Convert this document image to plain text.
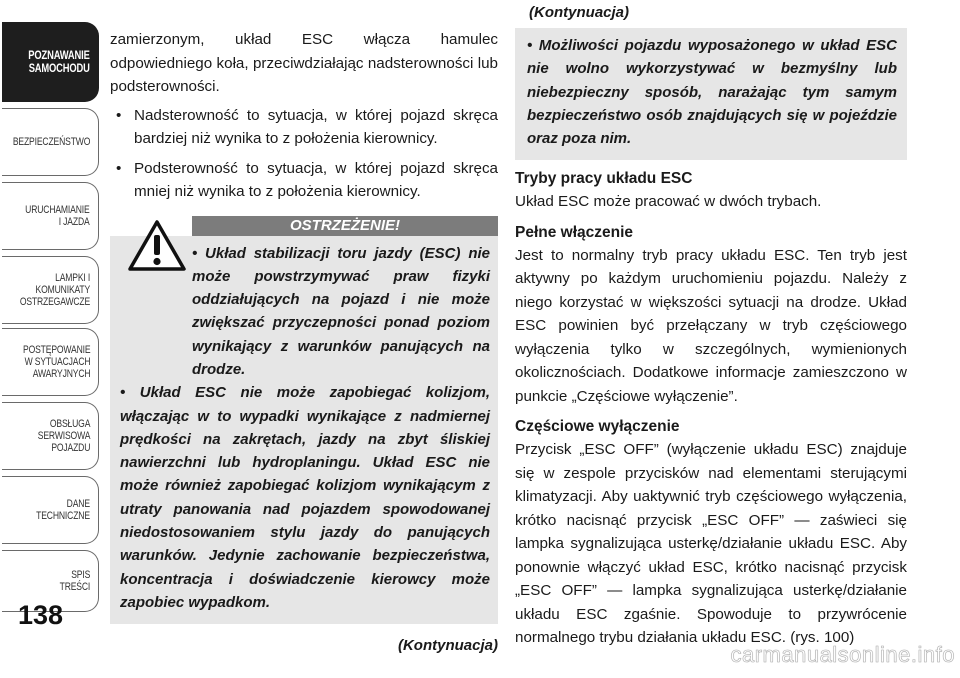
POZNAWANIE
SAMOCHODU
BEZPIECZEŃSTWO
URUCHAMIANIE
I JAZDA
LAMPKI I
KOMUNIKATY
OSTRZEGAWCZE
POSTĘPOWANIE
W SYTUACJACH
AWARYJNYCH
OBSŁUGA
SERWISOWA
POJAZDU
DANE
TECHNICZNE
SPIS
TREŚCI
138

zamierzonym, układ ESC włącza hamulec odpowiedniego koła, przeciwdziałając nadsterowności lub podsterowności.

• Nadsterowność to sytuacja, w której pojazd skręca bardziej niż wynika to z położenia kierownicy.
• Podsterowność to sytuacja, w której pojazd skręca mniej niż wynika to z położenia kierownicy.
OSTRZEŻENIE!

• Układ stabilizacji toru jazdy (ESC) nie może powstrzymywać praw fizyki oddziałujących na pojazd i nie może zwiększać przyczepności ponad poziom wynikający z warunków panujących na drodze.

• Układ ESC nie może zapobiegać kolizjom, włączając w to wypadki wynikające z nadmiernej prędkości na zakrętach, jazdy na zbyt śliskiej nawierzchni lub hydroplaningu. Układ ESC nie może również zapobiegać kolizjom wynikającym z utraty panowania nad pojazdem spowodowanej niedostosowaniem stylu jazdy do panujących warunków. Jedynie zachowanie bezpieczeństwa, koncentracja i doświadczenie kierowcy może zapobiec wypadkom.

(Kontynuacja)

(Kontynuacja)

• Możliwości pojazdu wyposażonego w układ ESC nie wolno wykorzystywać w bezmyślny lub niebezpieczny sposób, narażając tym samym bezpieczeństwo osób znajdujących się w pojeździe oraz poza nim.

Tryby pracy układu ESC

Układ ESC może pracować w dwóch trybach.

Pełne włączenie

Jest to normalny tryb pracy układu ESC. Ten tryb jest aktywny po każdym uruchomieniu pojazdu. Należy z niego korzystać w większości sytuacji na drodze. Układ ESC powinien być przełączany w tryb częściowego wyłączenia tylko w szczególnych, wymienionych okolicznościach. Dodatkowe informacje zamieszczono w punkcie „Częściowe wyłączenie”.

Częściowe wyłączenie

Przycisk „ESC OFF” (wyłączenie układu ESC) znajduje się w zespole przycisków nad elementami sterującymi klimatyzacji. Aby uaktywnić tryb częściowego wyłączenia, krótko nacisnąć przycisk „ESC OFF” — zaświeci się lampka sygnalizująca usterkę/działanie układu ESC. Aby ponownie włączyć układ ESC, krótko nacisnąć przycisk „ESC OFF” — lampka sygnalizująca usterkę/działanie układu ESC zgaśnie. Spowoduje to przywrócenie normalnego trybu działania układu ESC. (rys. 100)

carmanualsonline.info
